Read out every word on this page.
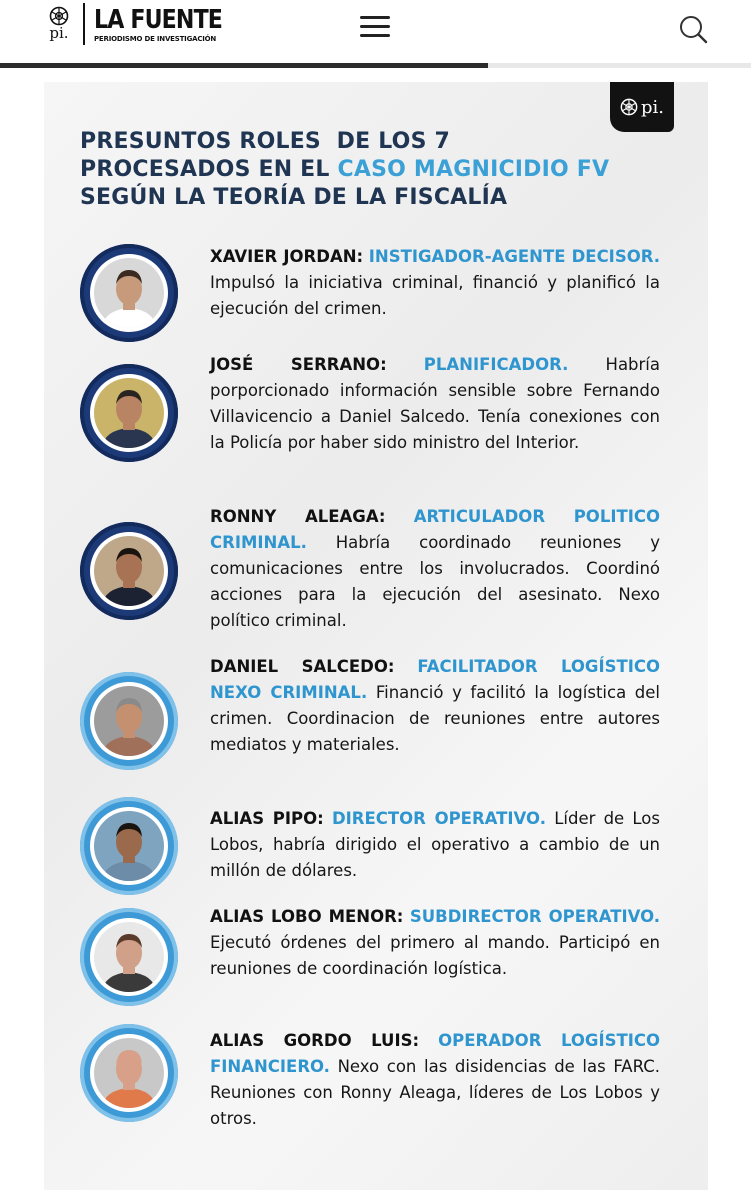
pi. LA FUENTE
PERIODISMO DE INVESTIGACIÓN
pi.
PRESUNTOS ROLES  DE LOS 7
PROCESADOS EN EL CASO MAGNICIDIO FV
SEGÚN LA TEORÍA DE LA FISCALÍA
XAVIER JORDAN: INSTIGADOR-AGENTE DECISOR. Impulsó la iniciativa criminal, financió y planificó la ejecución del crimen.
JOSÉ SERRANO: PLANIFICADOR. Habría porporcionado información sensible sobre Fernando Villavicencio a Daniel Salcedo. Tenía conexiones con la Policía por haber sido ministro del Interior.
RONNY ALEAGA: ARTICULADOR POLITICO CRIMINAL. Habría coordinado reuniones y comunicaciones entre los involucrados. Coordinó acciones para la ejecución del asesinato. Nexo político criminal.
DANIEL SALCEDO: FACILITADOR LOGÍSTICO NEXO CRIMINAL. Financió y facilitó la logística del crimen. Coordinacion de reuniones entre autores mediatos y materiales.
ALIAS PIPO: DIRECTOR OPERATIVO. Líder de Los Lobos, habría dirigido el operativo a cambio de un millón de dólares.
ALIAS LOBO MENOR: SUBDIRECTOR OPERATIVO. Ejecutó órdenes del primero al mando. Participó en reuniones de coordinación logística.
ALIAS GORDO LUIS: OPERADOR LOGÍSTICO FINANCIERO. Nexo con las disidencias de las FARC. Reuniones con Ronny Aleaga, líderes de Los Lobos y otros.
